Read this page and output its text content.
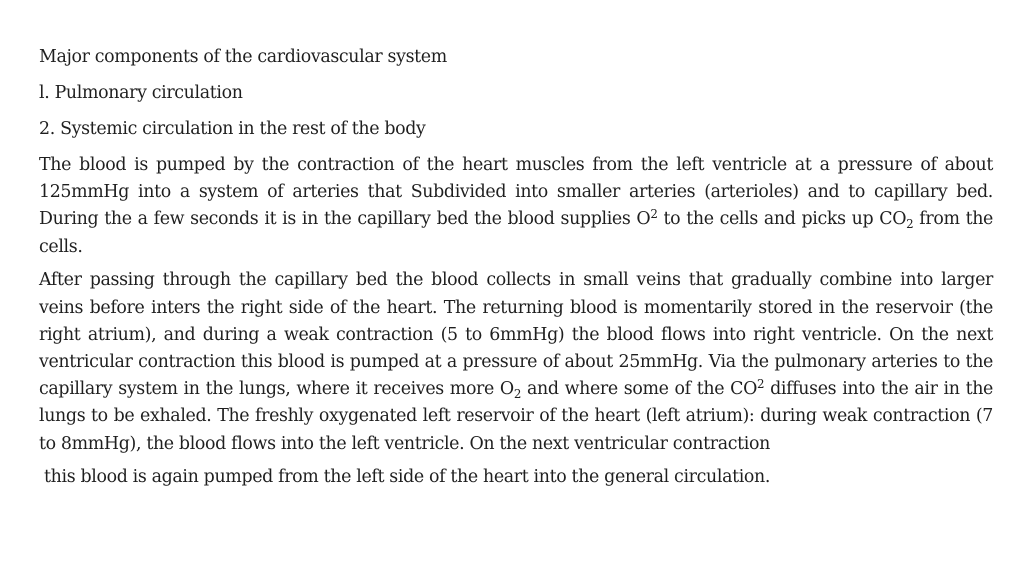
Major components of the cardiovascular system
l. Pulmonary circulation
2. Systemic circulation in the rest of the body
The blood is pumped by the contraction of the heart muscles from the left ventricle at a pressure of about 125mmHg into a system of arteries that Subdivided into smaller arteries (arterioles) and to capillary bed. During the a few seconds it is in the capillary bed the blood supplies $O^2$ to the cells and picks up $CO_2$ from the cells.
After passing through the capillary bed the blood collects in small veins that gradually combine into larger veins before inters the right side of the heart. The returning blood is momentarily stored in the reservoir (the right atrium), and during a weak contraction (5 to 6mmHg) the blood flows into right ventricle. On the next ventricular contraction this blood is pumped at a pressure of about 25mmHg. Via the pulmonary arteries to the capillary system in the lungs, where it receives more $O_2$ and where some of the $CO^2$ diffuses into the air in the lungs to be exhaled. The freshly oxygenated left reservoir of the heart (left atrium): during weak contraction (7 to 8mmHg), the blood flows into the left ventricle. On the next ventricular contraction
this blood is again pumped from the left side of the heart into the general circulation.
